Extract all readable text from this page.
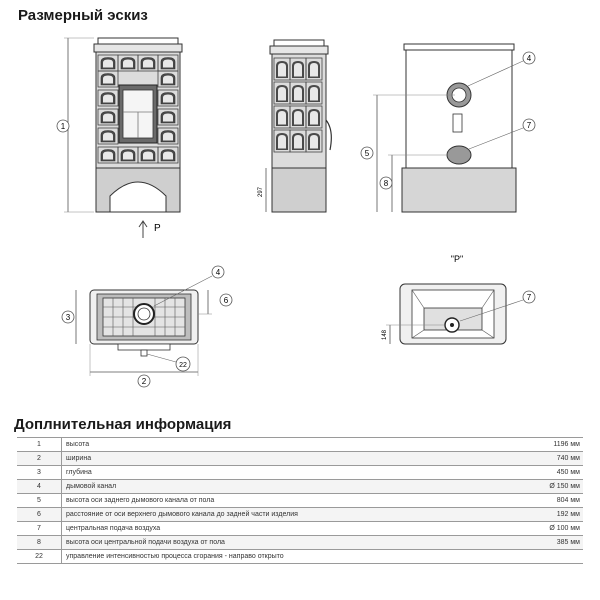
Размерный эскиз
1
P
297
5
8
4
7
3
2
4
6
22
"P"
148
7
Доплнительная информация
1	высота	1196 мм
2	ширина	740 мм
3	глубина	450 мм
4	дымовой канал	Ø 150 мм
5	высота оси заднего дымового канала от пола	804 мм
6	расстояние от оси верхнего дымового канала до задней части изделия	192 мм
7	центральная подача воздуха	Ø 100 мм
8	высота оси центральной подачи воздуха от пола	385 мм
22	управление интенсивностью процесса сгорания - направо открыто	
